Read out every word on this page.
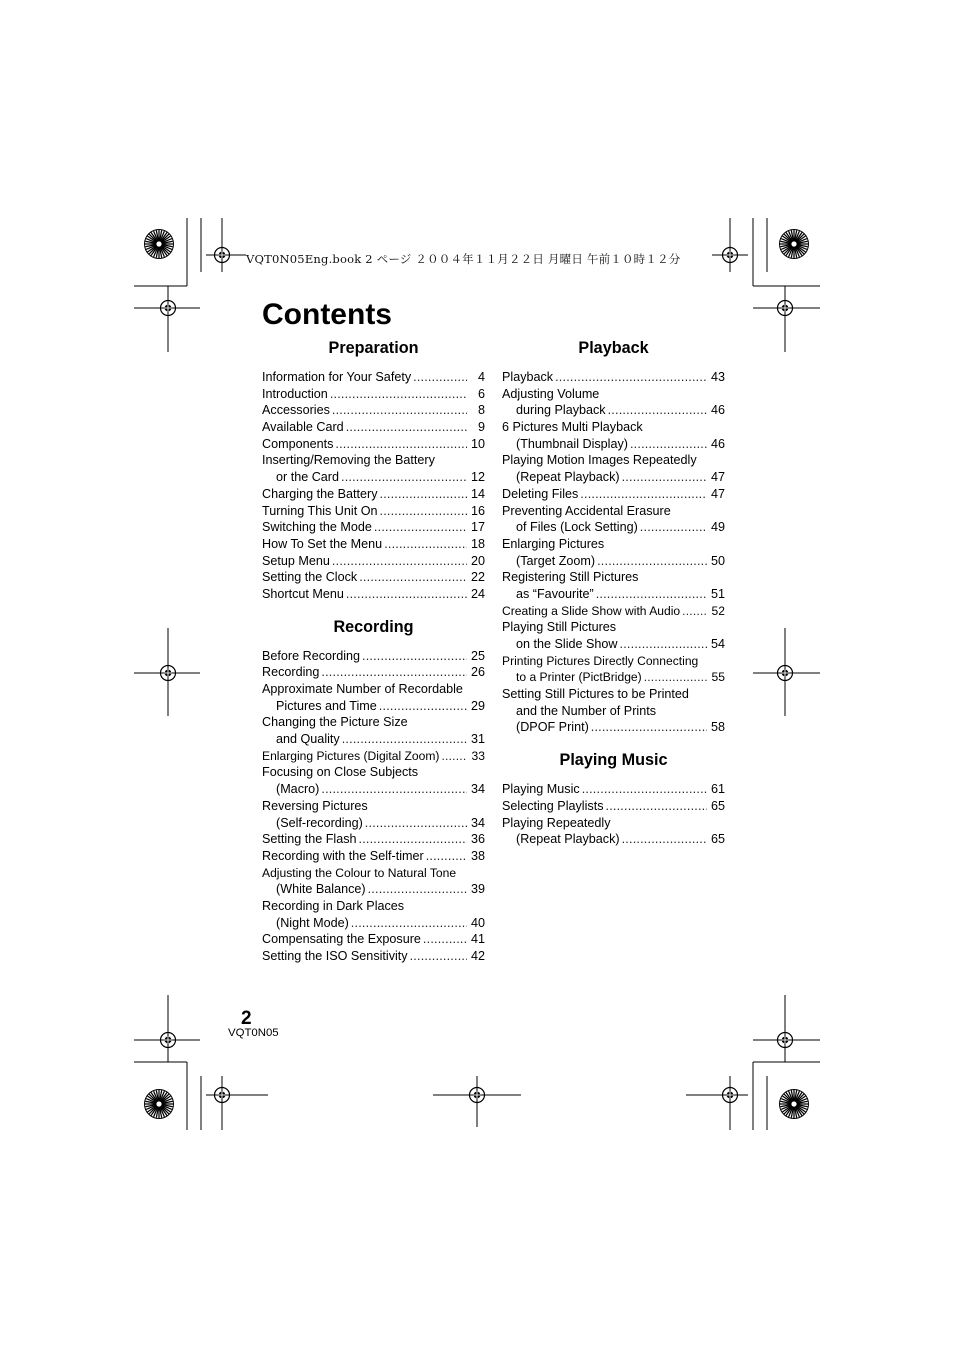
VQT0N05Eng.book 2 ページ ２００４年１１月２２日 月曜日 午前１０時１２分
Contents
Preparation
Information for Your Safety .....	4
Introduction .....	6
Accessories .....	8
Available Card .....	9
Components .....	10
Inserting/Removing the Battery
or the Card .....	12
Charging the Battery .....	14
Turning This Unit On .....	16
Switching the Mode .....	17
How To Set the Menu .....	18
Setup Menu .....	20
Setting the Clock .....	22
Shortcut Menu .....	24
Recording
Before Recording .....	25
Recording .....	26
Approximate Number of Recordable
Pictures and Time .....	29
Changing the Picture Size
and Quality .....	31
Enlarging Pictures (Digital Zoom) .....	33
Focusing on Close Subjects
(Macro) .....	34
Reversing Pictures
(Self-recording) .....	34
Setting the Flash .....	36
Recording with the Self-timer .....	38
Adjusting the Colour to Natural Tone
(White Balance) .....	39
Recording in Dark Places
(Night Mode) .....	40
Compensating the Exposure .....	41
Setting the ISO Sensitivity .....	42
Playback
Playback .....	43
Adjusting Volume
during Playback .....	46
6 Pictures Multi Playback
(Thumbnail Display) .....	46
Playing Motion Images Repeatedly
(Repeat Playback) .....	47
Deleting Files .....	47
Preventing Accidental Erasure
of Files (Lock Setting) .....	49
Enlarging Pictures
(Target Zoom) .....	50
Registering Still Pictures
as “Favourite” .....	51
Creating a Slide Show with Audio .....	52
Playing Still Pictures
on the Slide Show .....	54
Printing Pictures Directly Connecting
to a Printer (PictBridge) .....	55
Setting Still Pictures to be Printed
and the Number of Prints
(DPOF Print) .....	58
Playing Music
Playing Music .....	61
Selecting Playlists .....	65
Playing Repeatedly
(Repeat Playback) .....	65
2
VQT0N05
